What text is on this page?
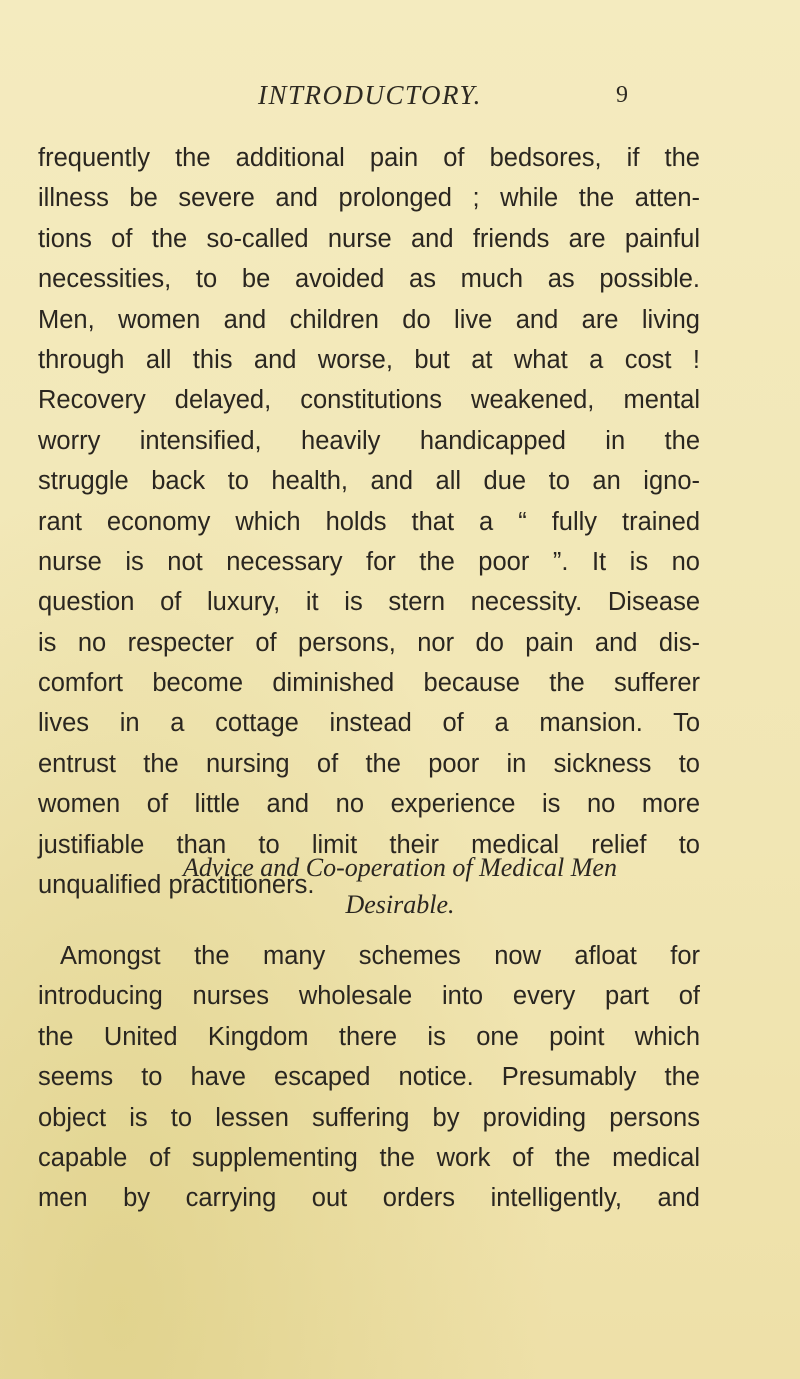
INTRODUCTORY.	9
frequently the additional pain of bedsores, if the
illness be severe and prolonged ; while the atten-
tions of the so-called nurse and friends are painful
necessities, to be avoided as much as possible.
Men, women and children do live and are living
through all this and worse, but at what a cost !
Recovery delayed, constitutions weakened, mental
worry intensified, heavily handicapped in the
struggle back to health, and all due to an igno-
rant economy which holds that a “ fully trained
nurse is not necessary for the poor ”. It is no
question of luxury, it is stern necessity. Disease
is no respecter of persons, nor do pain and dis-
comfort become diminished because the sufferer
lives in a cottage instead of a mansion. To
entrust the nursing of the poor in sickness to
women of little and no experience is no more
justifiable than to limit their medical relief to
unqualified practitioners.
Advice and Co-operation of Medical Men
Desirable.
Amongst the many schemes now afloat for
introducing nurses wholesale into every part of
the United Kingdom there is one point which
seems to have escaped notice. Presumably the
object is to lessen suffering by providing persons
capable of supplementing the work of the medical
men by carrying out orders intelligently, and
